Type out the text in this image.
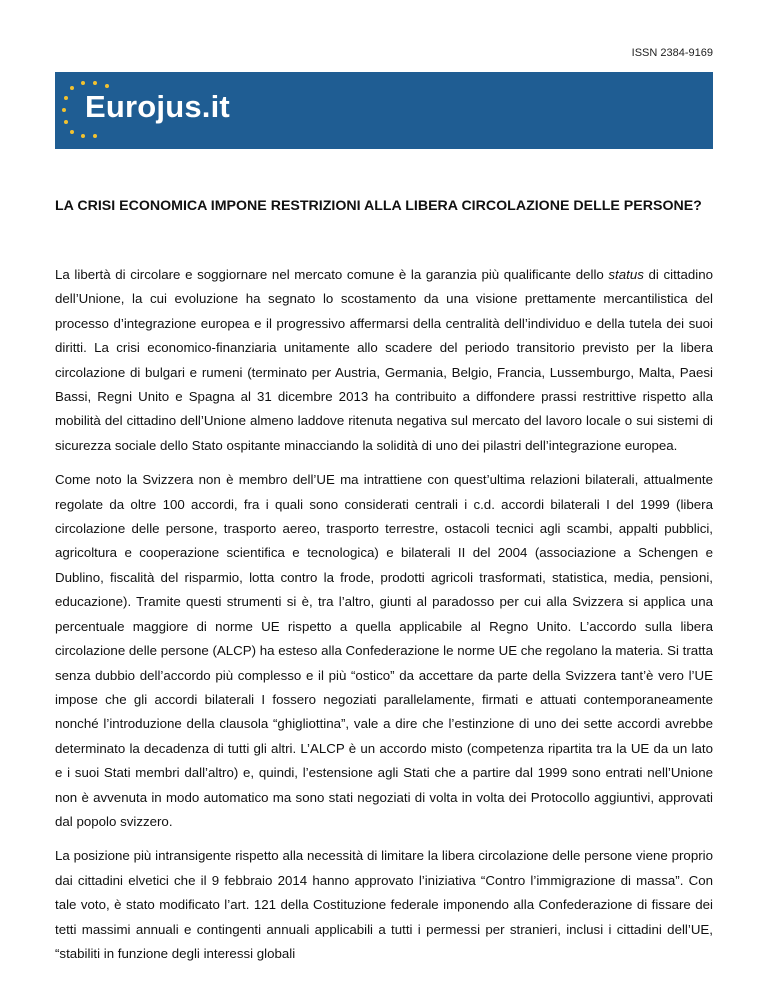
ISSN 2384-9169
Eurojus.it
LA CRISI ECONOMICA IMPONE RESTRIZIONI ALLA LIBERA CIRCOLAZIONE DELLE PERSONE?

La libertà di circolare e soggiornare nel mercato comune è la garanzia più qualificante dello status di cittadino dell’Unione, la cui evoluzione ha segnato lo scostamento da una visione prettamente mercantilistica del processo d’integrazione europea e il progressivo affermarsi della centralità dell’individuo e della tutela dei suoi diritti. La crisi economico-finanziaria unitamente allo scadere del periodo transitorio previsto per la libera circolazione di bulgari e rumeni (terminato per Austria, Germania, Belgio, Francia, Lussemburgo, Malta, Paesi Bassi, Regni Unito e Spagna al 31 dicembre 2013 ha contribuito a diffondere prassi restrittive rispetto alla mobilità del cittadino dell’Unione almeno laddove ritenuta negativa sul mercato del lavoro locale o sui sistemi di sicurezza sociale dello Stato ospitante minacciando la solidità di uno dei pilastri dell’integrazione europea.

Come noto la Svizzera non è membro dell’UE ma intrattiene con quest’ultima relazioni bilaterali, attualmente regolate da oltre 100 accordi, fra i quali sono considerati centrali i c.d. accordi bilaterali I del 1999 (libera circolazione delle persone, trasporto aereo, trasporto terrestre, ostacoli tecnici agli scambi, appalti pubblici, agricoltura e cooperazione scientifica e tecnologica) e bilaterali II del 2004 (associazione a Schengen e Dublino, fiscalità del risparmio, lotta contro la frode, prodotti agricoli trasformati, statistica, media, pensioni, educazione). Tramite questi strumenti si è, tra l’altro, giunti al paradosso per cui alla Svizzera si applica una percentuale maggiore di norme UE rispetto a quella applicabile al Regno Unito. L’accordo sulla libera circolazione delle persone (ALCP) ha esteso alla Confederazione le norme UE che regolano la materia. Si tratta senza dubbio dell’accordo più complesso e il più “ostico” da accettare da parte della Svizzera tant’è vero l’UE impose che gli accordi bilaterali I fossero negoziati parallelamente, firmati e attuati contemporaneamente nonché l’introduzione della clausola “ghigliottina”, vale a dire che l’estinzione di uno dei sette accordi avrebbe determinato la decadenza di tutti gli altri. L’ALCP è un accordo misto (competenza ripartita tra la UE da un lato e i suoi Stati membri dall’altro) e, quindi, l’estensione agli Stati che a partire dal 1999 sono entrati nell’Unione non è avvenuta in modo automatico ma sono stati negoziati di volta in volta dei Protocollo aggiuntivi, approvati dal popolo svizzero.

La posizione più intransigente rispetto alla necessità di limitare la libera circolazione delle persone viene proprio dai cittadini elvetici che il 9 febbraio 2014 hanno approvato l’iniziativa “Contro l’immigrazione di massa”. Con tale voto, è stato modificato l’art. 121 della Costituzione federale imponendo alla Confederazione di fissare dei tetti massimi annuali e contingenti annuali applicabili a tutti i permessi per stranieri, inclusi i cittadini dell’UE, “stabiliti in funzione degli interessi globali
